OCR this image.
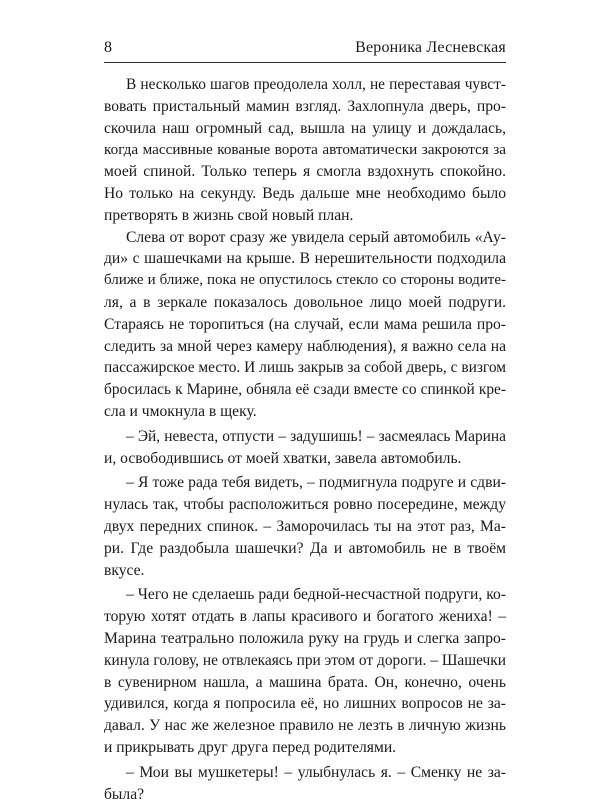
8	Вероника Лесневская
В несколько шагов преодолела холл, не переставая чувст-
вовать пристальный мамин взгляд. Захлопнула дверь, про-
скочила наш огромный сад, вышла на улицу и дождалась,
когда массивные кованые ворота автоматически закроются за
моей спиной. Только теперь я смогла вздохнуть спокойно.
Но только на секунду. Ведь дальше мне необходимо было
претворять в жизнь свой новый план.
Слева от ворот сразу же увидела серый автомобиль «Ау-
ди» с шашечками на крыше. В нерешительности подходила
ближе и ближе, пока не опустилось стекло со стороны водите-
ля, а в зеркале показалось довольное лицо моей подруги.
Стараясь не торопиться (на случай, если мама решила про-
следить за мной через камеру наблюдения), я важно села на
пассажирское место. И лишь закрыв за собой дверь, с визгом
бросилась к Марине, обняла её сзади вместе со спинкой кре-
сла и чмокнула в щеку.
– Эй, невеста, отпусти – задушишь! – засмеялась Марина
и, освободившись от моей хватки, завела автомобиль.
– Я тоже рада тебя видеть, – подмигнула подруге и сдви-
нулась так, чтобы расположиться ровно посередине, между
двух передних спинок. – Заморочилась ты на этот раз, Ма-
ри. Где раздобыла шашечки? Да и автомобиль не в твоём
вкусе.
– Чего не сделаешь ради бедной-несчастной подруги, ко-
торую хотят отдать в лапы красивого и богатого жениха! –
Марина театрально положила руку на грудь и слегка запро-
кинула голову, не отвлекаясь при этом от дороги. – Шашечки
в сувенирном нашла, а машина брата. Он, конечно, очень
удивился, когда я попросила её, но лишних вопросов не за-
давал. У нас же железное правило не лезть в личную жизнь
и прикрывать друг друга перед родителями.
– Мои вы мушкетеры! – улыбнулась я. – Сменку не за-
была?
